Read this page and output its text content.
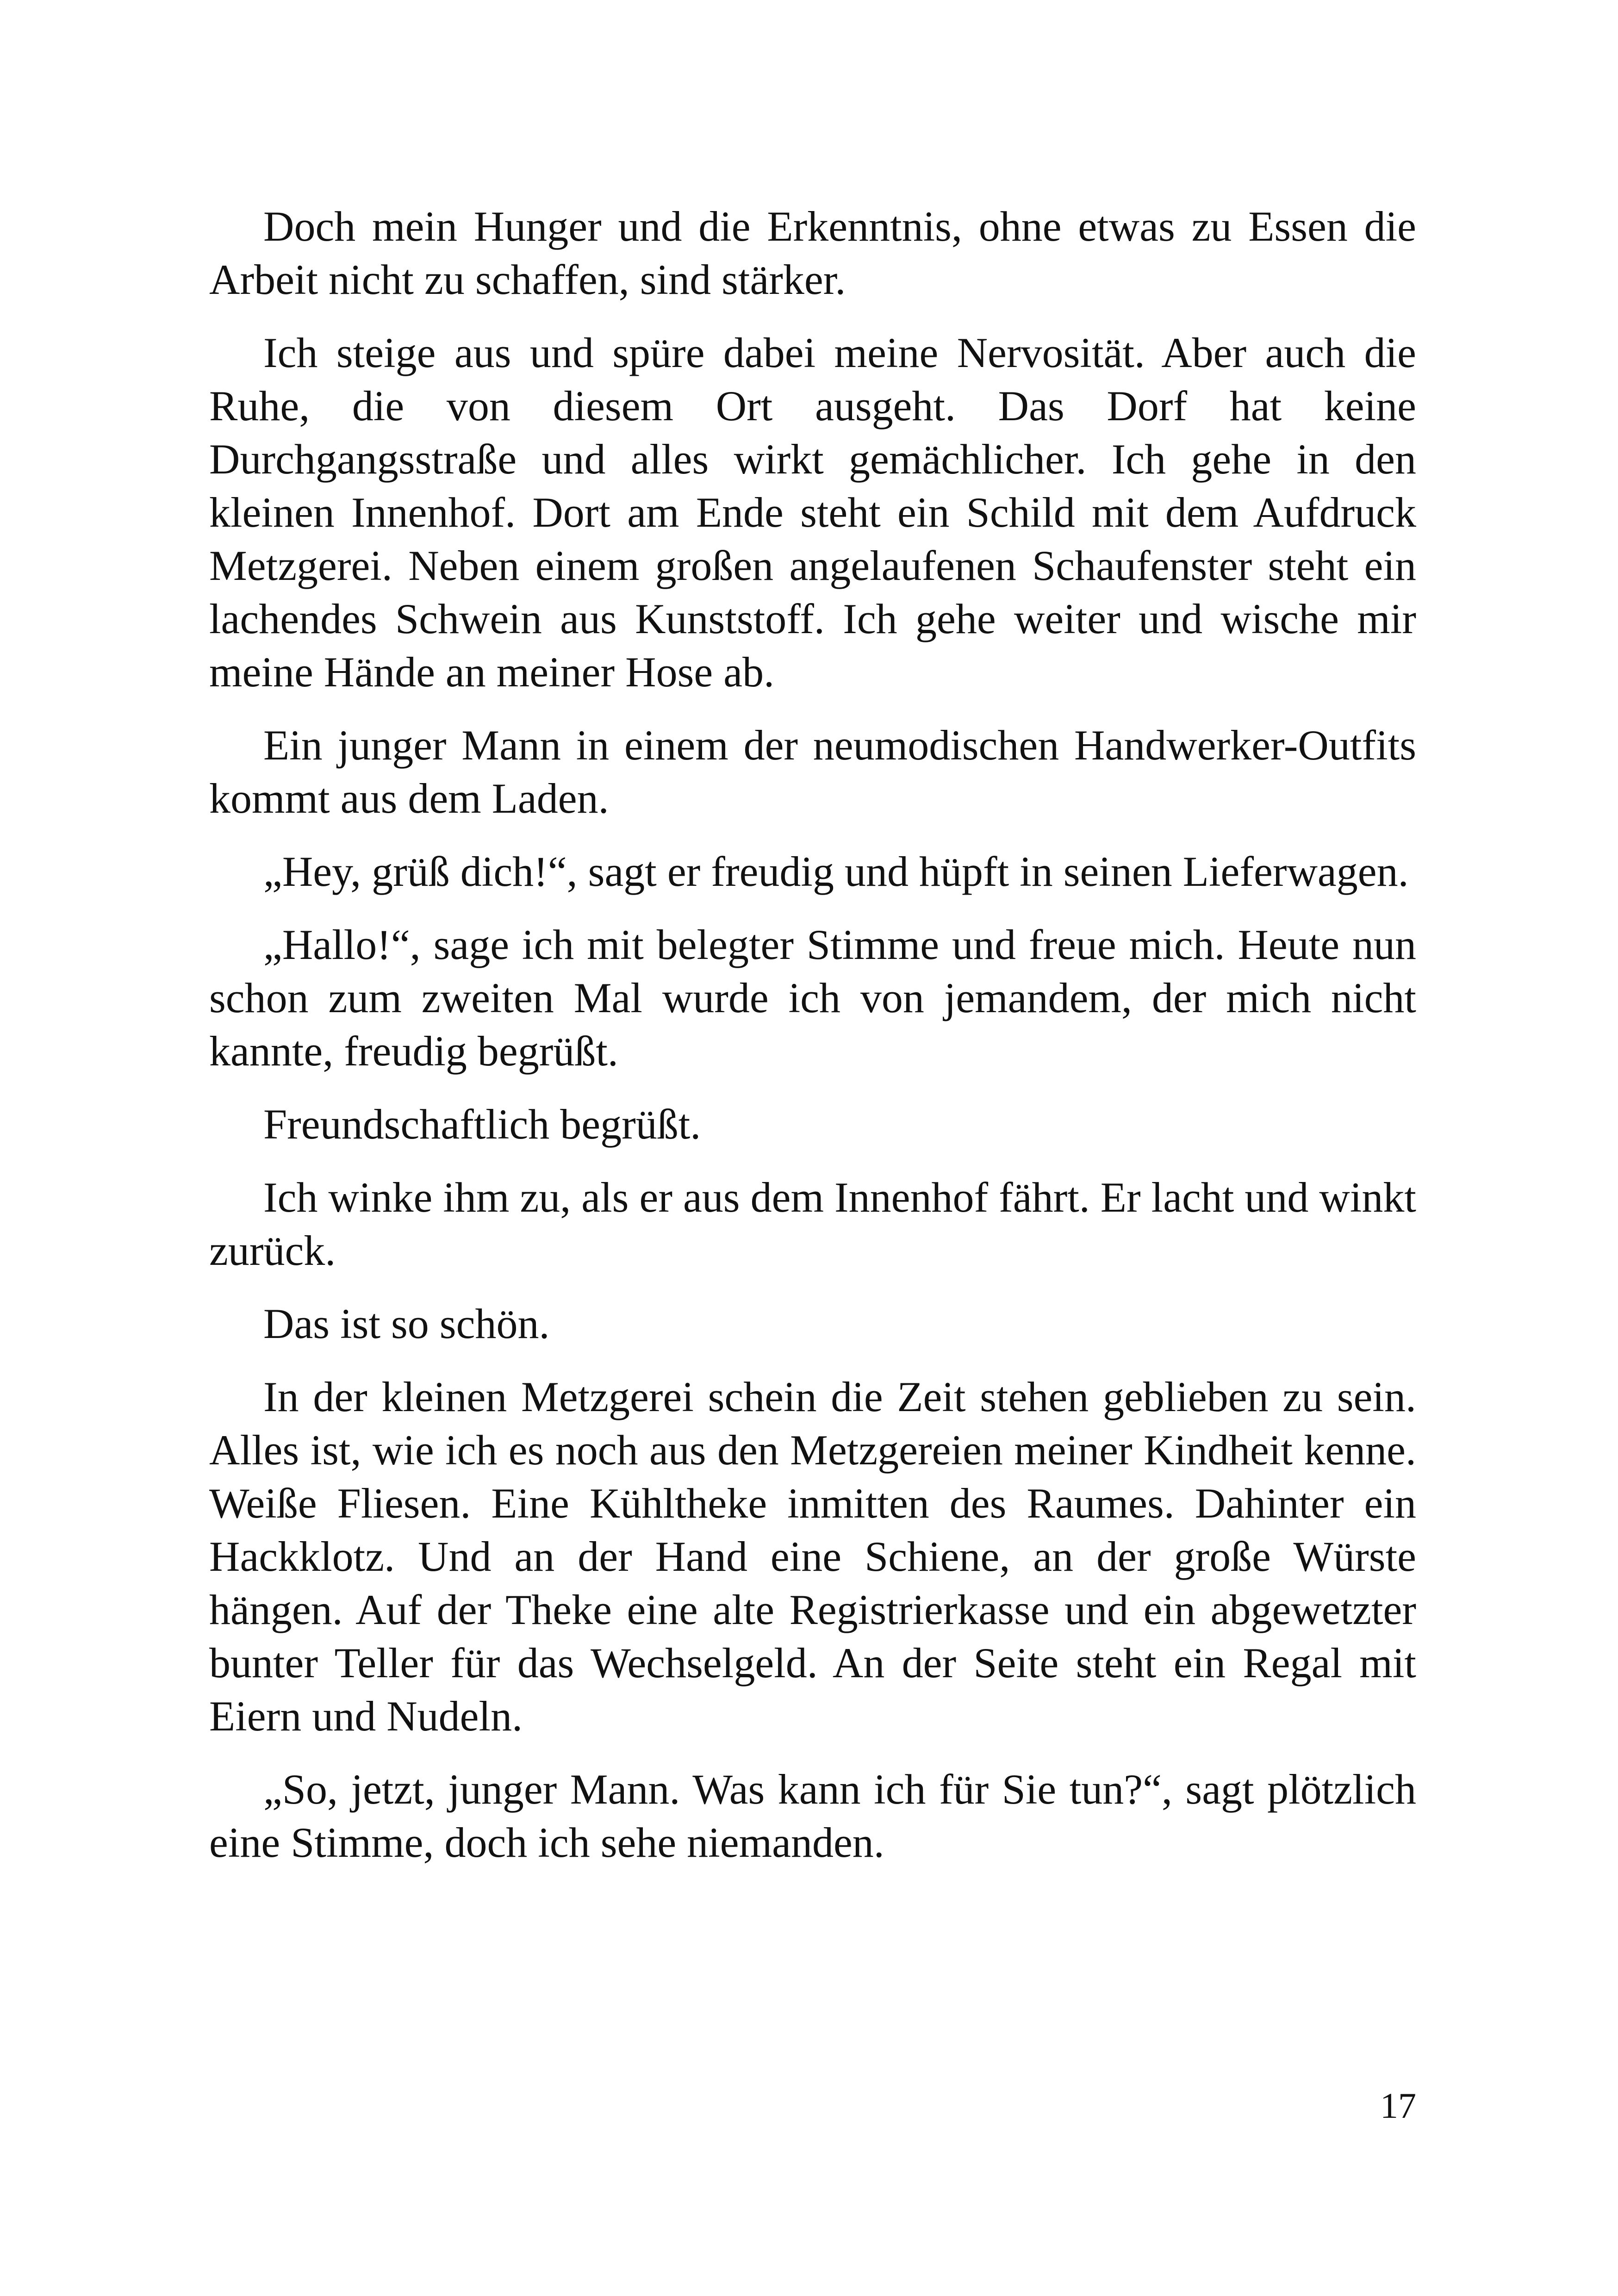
Doch mein Hunger und die Erkenntnis, ohne etwas zu Essen die Arbeit nicht zu schaffen, sind stärker.

Ich steige aus und spüre dabei meine Nervosität. Aber auch die Ruhe, die von diesem Ort ausgeht. Das Dorf hat keine Durchgangsstraße und alles wirkt gemächlicher. Ich gehe in den kleinen Innenhof. Dort am Ende steht ein Schild mit dem Aufdruck Metzgerei. Neben einem großen angelaufenen Schaufenster steht ein lachendes Schwein aus Kunststoff. Ich gehe weiter und wische mir meine Hände an meiner Hose ab.

Ein junger Mann in einem der neumodischen Handwerker-Outfits kommt aus dem Laden.

„Hey, grüß dich!“, sagt er freudig und hüpft in seinen Lieferwagen.

„Hallo!“, sage ich mit belegter Stimme und freue mich. Heute nun schon zum zweiten Mal wurde ich von jemandem, der mich nicht kannte, freudig begrüßt.

Freundschaftlich begrüßt.

Ich winke ihm zu, als er aus dem Innenhof fährt. Er lacht und winkt zurück.

Das ist so schön.

In der kleinen Metzgerei schein die Zeit stehen geblieben zu sein. Alles ist, wie ich es noch aus den Metzgereien meiner Kindheit kenne. Weiße Fliesen. Eine Kühltheke inmitten des Raumes. Dahinter ein Hackklotz. Und an der Hand eine Schiene, an der große Würste hängen. Auf der Theke eine alte Registrierkasse und ein abgewetzter bunter Teller für das Wechselgeld. An der Seite steht ein Regal mit Eiern und Nudeln.

„So, jetzt, junger Mann. Was kann ich für Sie tun?“, sagt plötzlich eine Stimme, doch ich sehe niemanden.

17
